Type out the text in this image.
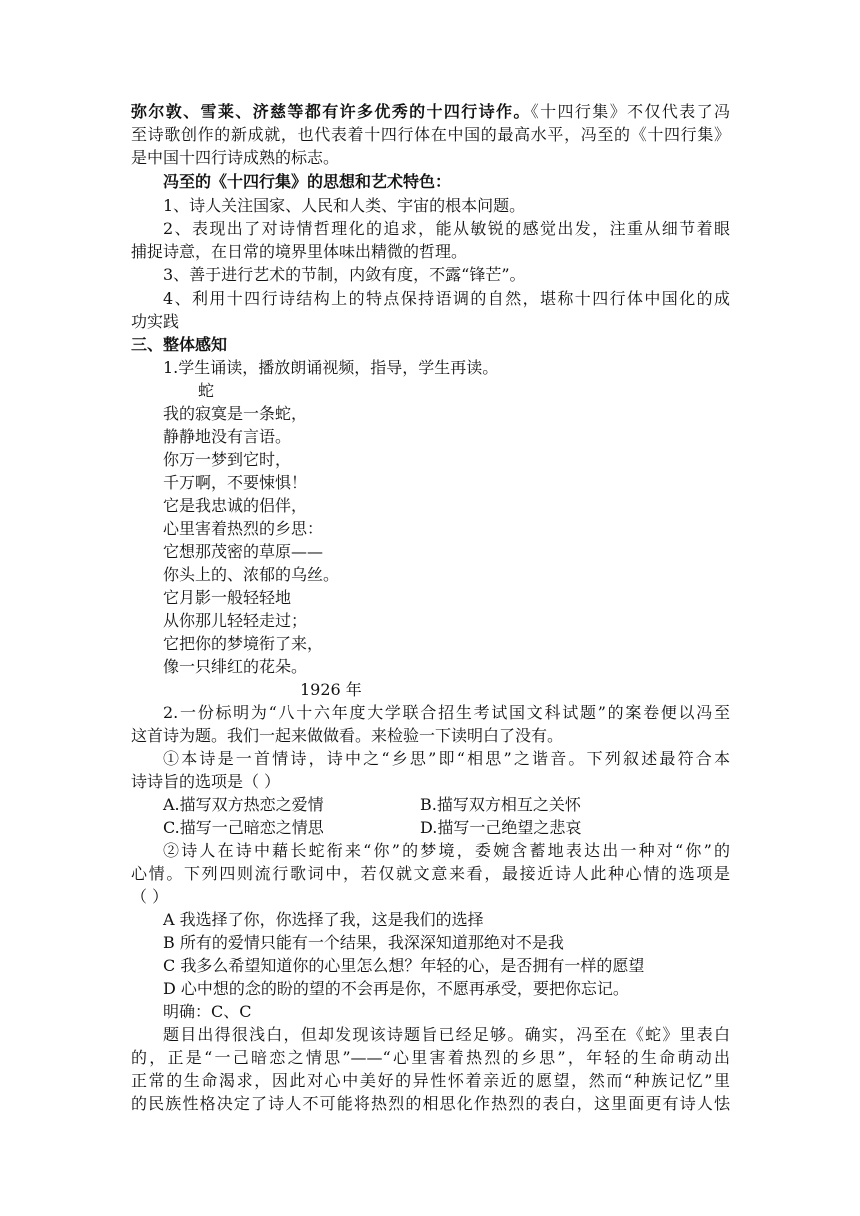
弥尔敦、雪莱、济慈等都有许多优秀的十四行诗作。《十四行集》不仅代表了冯
至诗歌创作的新成就，也代表着十四行体在中国的最高水平，冯至的《十四行集》
是中国十四行诗成熟的标志。
冯至的《十四行集》的思想和艺术特色：
1、诗人关注国家、人民和人类、宇宙的根本问题。
2、表现出了对诗情哲理化的追求，能从敏锐的感觉出发，注重从细节着眼
捕捉诗意，在日常的境界里体味出精微的哲理。
3、善于进行艺术的节制，内敛有度，不露“锋芒”。
4、利用十四行诗结构上的特点保持语调的自然，堪称十四行体中国化的成
功实践
三、整体感知
1.学生诵读，播放朗诵视频，指导，学生再读。
蛇
我的寂寞是一条蛇，
静静地没有言语。
你万一梦到它时，
千万啊，不要悚惧！
它是我忠诚的侣伴，
心里害着热烈的乡思：
它想那茂密的草原——
你头上的、浓郁的乌丝。
它月影一般轻轻地
从你那儿轻轻走过；
它把你的梦境衔了来，
像一只绯红的花朵。
1926 年
2.一份标明为“八十六年度大学联合招生考试国文科试题”的案卷便以冯至
这首诗为题。我们一起来做做看。来检验一下读明白了没有。
①本诗是一首情诗，诗中之“乡思”即“相思”之谐音。下列叙述最符合本
诗诗旨的选项是（ ）
A.描写双方热恋之爱情	B.描写双方相互之关怀
C.描写一己暗恋之情思	D.描写一己绝望之悲哀
②诗人在诗中藉长蛇衔来“你”的梦境，委婉含蓄地表达出一种对“你”的
心情。下列四则流行歌词中，若仅就文意来看，最接近诗人此种心情的选项是
（ ）
A 我选择了你，你选择了我，这是我们的选择
B 所有的爱情只能有一个结果，我深深知道那绝对不是我
C 我多么希望知道你的心里怎么想？年轻的心，是否拥有一样的愿望
D 心中想的念的盼的望的不会再是你，不愿再承受，要把你忘记。
明确：C、C
题目出得很浅白，但却发现该诗题旨已经足够。确实，冯至在《蛇》里表白
的，正是“一己暗恋之情思”——“心里害着热烈的乡思”，年轻的生命萌动出
正常的生命渴求，因此对心中美好的异性怀着亲近的愿望，然而“种族记忆”里
的民族性格决定了诗人不可能将热烈的相思化作热烈的表白，这里面更有诗人怯
